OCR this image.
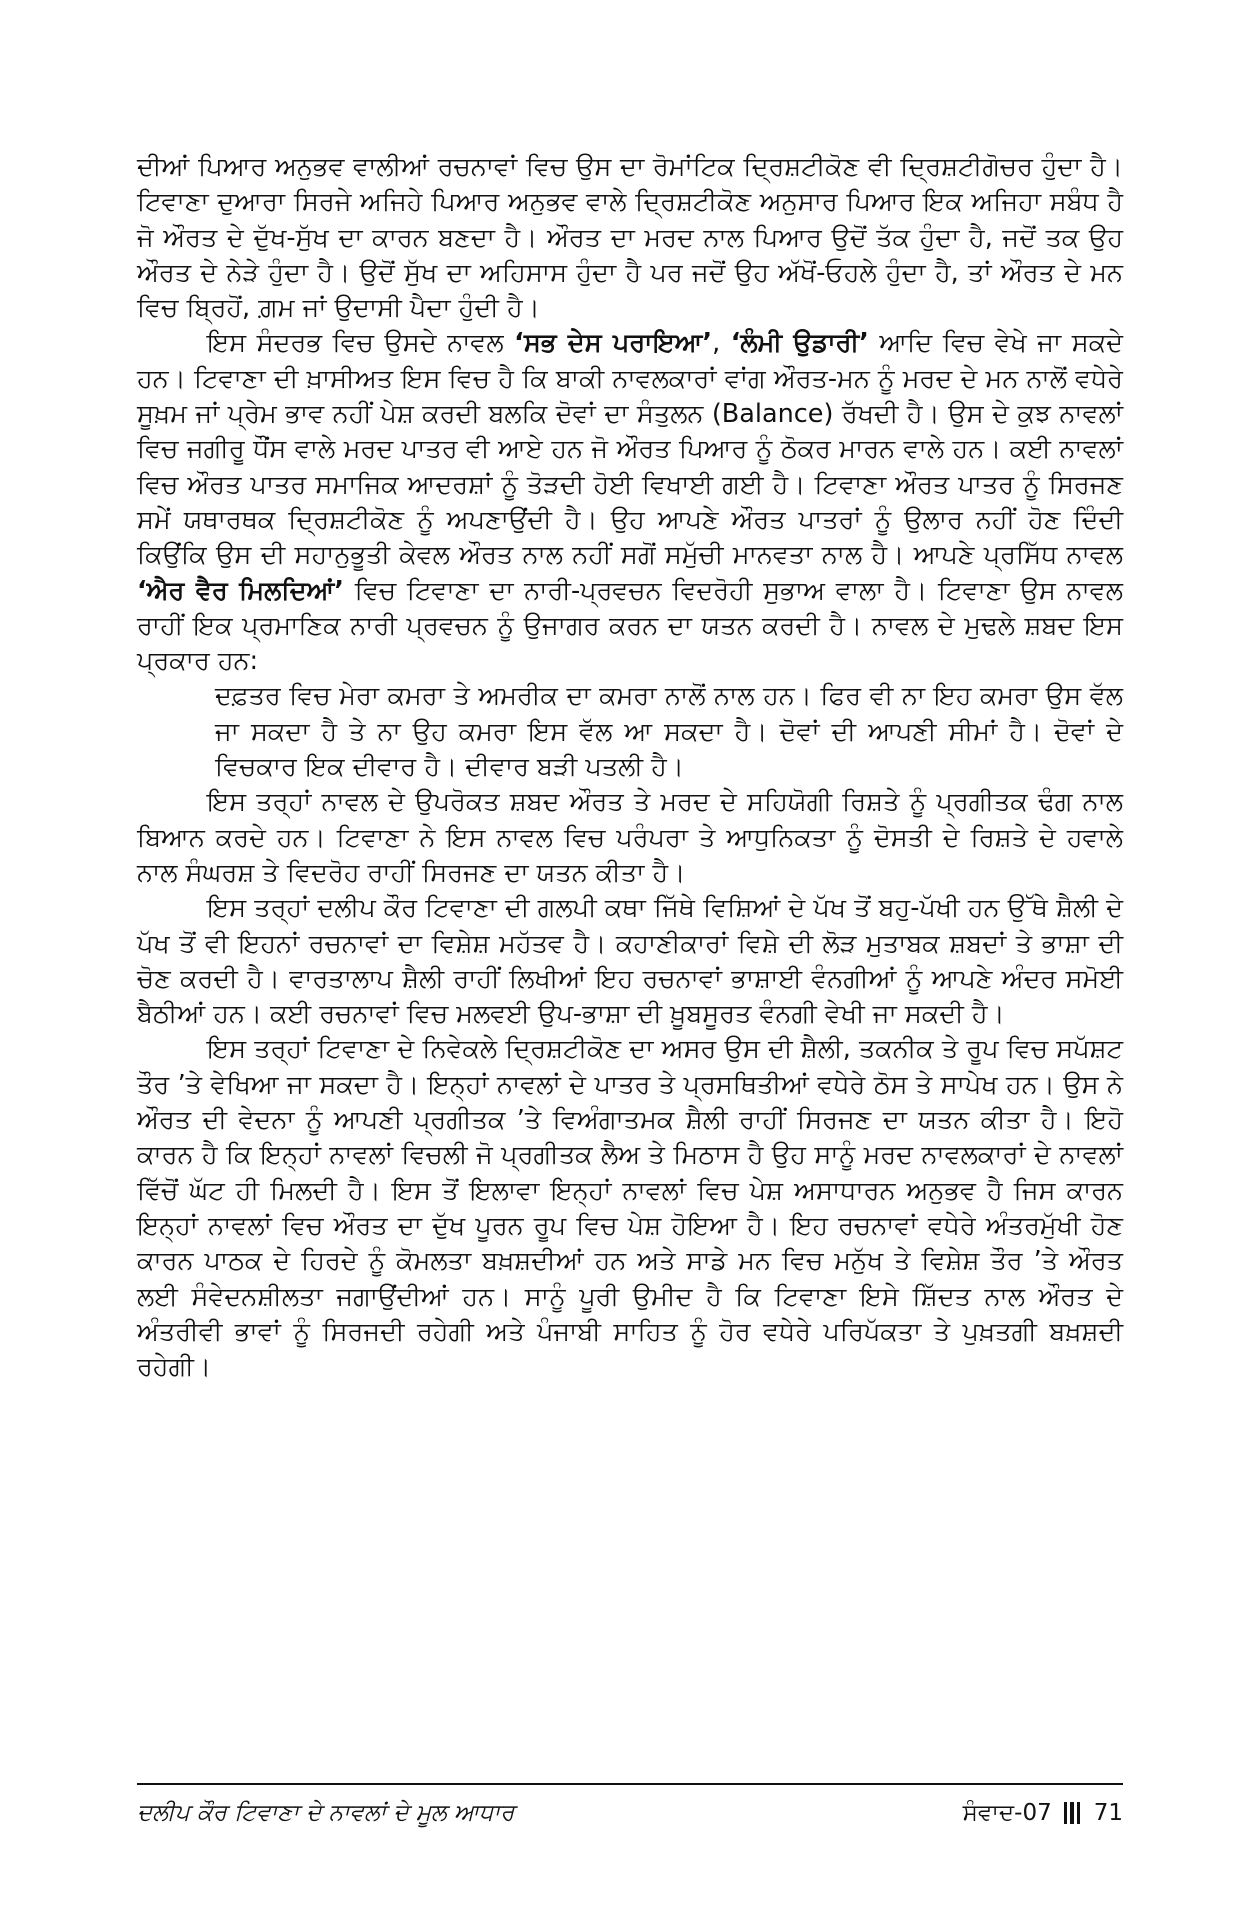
ਦੀਆਂ ਪਿਆਰ ਅਨੁਭਵ ਵਾਲੀਆਂ ਰਚਨਾਵਾਂ ਵਿਚ ਉਸ ਦਾ ਰੋਮਾਂਟਿਕ ਦ੍ਰਿਸ਼ਟੀਕੋਣ ਵੀ ਦ੍ਰਿਸ਼ਟੀਗੋਚਰ ਹੁੰਦਾ ਹੈ। ਟਿਵਾਣਾ ਦੁਆਰਾ ਸਿਰਜੇ ਅਜਿਹੇ ਪਿਆਰ ਅਨੁਭਵ ਵਾਲੇ ਦ੍ਰਿਸ਼ਟੀਕੋਣ ਅਨੁਸਾਰ ਪਿਆਰ ਇਕ ਅਜਿਹਾ ਸਬੰਧ ਹੈ ਜੋ ਔਰਤ ਦੇ ਦੁੱਖ-ਸੁੱਖ ਦਾ ਕਾਰਨ ਬਣਦਾ ਹੈ। ਔਰਤ ਦਾ ਮਰਦ ਨਾਲ ਪਿਆਰ ਉਦੋਂ ਤੱਕ ਹੁੰਦਾ ਹੈ, ਜਦੋਂ ਤਕ ਉਹ ਔਰਤ ਦੇ ਨੇੜੇ ਹੁੰਦਾ ਹੈ। ਉਦੋਂ ਸੁੱਖ ਦਾ ਅਹਿਸਾਸ ਹੁੰਦਾ ਹੈ ਪਰ ਜਦੋਂ ਉਹ ਅੱਖੋਂ-ਓਹਲੇ ਹੁੰਦਾ ਹੈ, ਤਾਂ ਔਰਤ ਦੇ ਮਨ ਵਿਚ ਬ੍ਰਿਹੋਂ, ਗ਼ਮ ਜਾਂ ਉਦਾਸੀ ਪੈਦਾ ਹੁੰਦੀ ਹੈ।

ਇਸ ਸੰਦਰਭ ਵਿਚ ਉਸਦੇ ਨਾਵਲ ‘ਸਭ ਦੇਸ ਪਰਾਇਆ’, ‘ਲੰਮੀ ਉਡਾਰੀ’ ਆਦਿ ਵਿਚ ਵੇਖੇ ਜਾ ਸਕਦੇ ਹਨ। ਟਿਵਾਣਾ ਦੀ ਖ਼ਾਸੀਅਤ ਇਸ ਵਿਚ ਹੈ ਕਿ ਬਾਕੀ ਨਾਵਲਕਾਰਾਂ ਵਾਂਗ ਔਰਤ-ਮਨ ਨੂੰ ਮਰਦ ਦੇ ਮਨ ਨਾਲੋਂ ਵਧੇਰੇ ਸੂਖ਼ਮ ਜਾਂ ਪ੍ਰੇਮ ਭਾਵ ਨਹੀਂ ਪੇਸ਼ ਕਰਦੀ ਬਲਕਿ ਦੋਵਾਂ ਦਾ ਸੰਤੁਲਨ (Balance) ਰੱਖਦੀ ਹੈ। ਉਸ ਦੇ ਕੁਝ ਨਾਵਲਾਂ ਵਿਚ ਜਗੀਰੂ ਧੌਂਸ ਵਾਲੇ ਮਰਦ ਪਾਤਰ ਵੀ ਆਏ ਹਨ ਜੋ ਔਰਤ ਪਿਆਰ ਨੂੰ ਠੋਕਰ ਮਾਰਨ ਵਾਲੇ ਹਨ। ਕਈ ਨਾਵਲਾਂ ਵਿਚ ਔਰਤ ਪਾਤਰ ਸਮਾਜਿਕ ਆਦਰਸ਼ਾਂ ਨੂੰ ਤੋੜਦੀ ਹੋਈ ਵਿਖਾਈ ਗਈ ਹੈ। ਟਿਵਾਣਾ ਔਰਤ ਪਾਤਰ ਨੂੰ ਸਿਰਜਣ ਸਮੇਂ ਯਥਾਰਥਕ ਦ੍ਰਿਸ਼ਟੀਕੋਣ ਨੂੰ ਅਪਣਾਉਂਦੀ ਹੈ। ਉਹ ਆਪਣੇ ਔਰਤ ਪਾਤਰਾਂ ਨੂੰ ਉਲਾਰ ਨਹੀਂ ਹੋਣ ਦਿੰਦੀ ਕਿਉਂਕਿ ਉਸ ਦੀ ਸਹਾਨੁਭੂਤੀ ਕੇਵਲ ਔਰਤ ਨਾਲ ਨਹੀਂ ਸਗੋਂ ਸਮੁੱਚੀ ਮਾਨਵਤਾ ਨਾਲ ਹੈ। ਆਪਣੇ ਪ੍ਰਸਿੱਧ ਨਾਵਲ ‘ਐਰ ਵੈਰ ਮਿਲਦਿਆਂ’ ਵਿਚ ਟਿਵਾਣਾ ਦਾ ਨਾਰੀ-ਪ੍ਰਵਚਨ ਵਿਦਰੋਹੀ ਸੁਭਾਅ ਵਾਲਾ ਹੈ। ਟਿਵਾਣਾ ਉਸ ਨਾਵਲ ਰਾਹੀਂ ਇਕ ਪ੍ਰਮਾਣਿਕ ਨਾਰੀ ਪ੍ਰਵਚਨ ਨੂੰ ਉਜਾਗਰ ਕਰਨ ਦਾ ਯਤਨ ਕਰਦੀ ਹੈ। ਨਾਵਲ ਦੇ ਮੁਢਲੇ ਸ਼ਬਦ ਇਸ ਪ੍ਰਕਾਰ ਹਨ:

ਦਫ਼ਤਰ ਵਿਚ ਮੇਰਾ ਕਮਰਾ ਤੇ ਅਮਰੀਕ ਦਾ ਕਮਰਾ ਨਾਲੋਂ ਨਾਲ ਹਨ। ਫਿਰ ਵੀ ਨਾ ਇਹ ਕਮਰਾ ਉਸ ਵੱਲ ਜਾ ਸਕਦਾ ਹੈ ਤੇ ਨਾ ਉਹ ਕਮਰਾ ਇਸ ਵੱਲ ਆ ਸਕਦਾ ਹੈ। ਦੋਵਾਂ ਦੀ ਆਪਣੀ ਸੀਮਾਂ ਹੈ। ਦੋਵਾਂ ਦੇ ਵਿਚਕਾਰ ਇਕ ਦੀਵਾਰ ਹੈ। ਦੀਵਾਰ ਬੜੀ ਪਤਲੀ ਹੈ।

ਇਸ ਤਰ੍ਹਾਂ ਨਾਵਲ ਦੇ ਉਪਰੋਕਤ ਸ਼ਬਦ ਔਰਤ ਤੇ ਮਰਦ ਦੇ ਸਹਿਯੋਗੀ ਰਿਸ਼ਤੇ ਨੂੰ ਪ੍ਰਗੀਤਕ ਢੰਗ ਨਾਲ ਬਿਆਨ ਕਰਦੇ ਹਨ। ਟਿਵਾਣਾ ਨੇ ਇਸ ਨਾਵਲ ਵਿਚ ਪਰੰਪਰਾ ਤੇ ਆਧੁਨਿਕਤਾ ਨੂੰ ਦੋਸਤੀ ਦੇ ਰਿਸ਼ਤੇ ਦੇ ਹਵਾਲੇ ਨਾਲ ਸੰਘਰਸ਼ ਤੇ ਵਿਦਰੋਹ ਰਾਹੀਂ ਸਿਰਜਣ ਦਾ ਯਤਨ ਕੀਤਾ ਹੈ।

ਇਸ ਤਰ੍ਹਾਂ ਦਲੀਪ ਕੌਰ ਟਿਵਾਣਾ ਦੀ ਗਲਪੀ ਕਥਾ ਜਿੱਥੇ ਵਿਸ਼ਿਆਂ ਦੇ ਪੱਖ ਤੋਂ ਬਹੁ-ਪੱਖੀ ਹਨ ਉੱਥੇ ਸ਼ੈਲੀ ਦੇ ਪੱਖ ਤੋਂ ਵੀ ਇਹਨਾਂ ਰਚਨਾਵਾਂ ਦਾ ਵਿਸ਼ੇਸ਼ ਮਹੱਤਵ ਹੈ। ਕਹਾਣੀਕਾਰਾਂ ਵਿਸ਼ੇ ਦੀ ਲੋੜ ਮੁਤਾਬਕ ਸ਼ਬਦਾਂ ਤੇ ਭਾਸ਼ਾ ਦੀ ਚੋਣ ਕਰਦੀ ਹੈ। ਵਾਰਤਾਲਾਪ ਸ਼ੈਲੀ ਰਾਹੀਂ ਲਿਖੀਆਂ ਇਹ ਰਚਨਾਵਾਂ ਭਾਸ਼ਾਈ ਵੰਨਗੀਆਂ ਨੂੰ ਆਪਣੇ ਅੰਦਰ ਸਮੋਈ ਬੈਠੀਆਂ ਹਨ। ਕਈ ਰਚਨਾਵਾਂ ਵਿਚ ਮਲਵਈ ਉਪ-ਭਾਸ਼ਾ ਦੀ ਖ਼ੂਬਸੂਰਤ ਵੰਨਗੀ ਵੇਖੀ ਜਾ ਸਕਦੀ ਹੈ।

ਇਸ ਤਰ੍ਹਾਂ ਟਿਵਾਣਾ ਦੇ ਨਿਵੇਕਲੇ ਦ੍ਰਿਸ਼ਟੀਕੋਣ ਦਾ ਅਸਰ ਉਸ ਦੀ ਸ਼ੈਲੀ, ਤਕਨੀਕ ਤੇ ਰੂਪ ਵਿਚ ਸਪੱਸ਼ਟ ਤੌਰ ’ਤੇ ਵੇਖਿਆ ਜਾ ਸਕਦਾ ਹੈ। ਇਨ੍ਹਾਂ ਨਾਵਲਾਂ ਦੇ ਪਾਤਰ ਤੇ ਪ੍ਰਸਥਿਤੀਆਂ ਵਧੇਰੇ ਠੋਸ ਤੇ ਸਾਪੇਖ ਹਨ। ਉਸ ਨੇ ਔਰਤ ਦੀ ਵੇਦਨਾ ਨੂੰ ਆਪਣੀ ਪ੍ਰਗੀਤਕ ’ਤੇ ਵਿਅੰਗਾਤਮਕ ਸ਼ੈਲੀ ਰਾਹੀਂ ਸਿਰਜਣ ਦਾ ਯਤਨ ਕੀਤਾ ਹੈ। ਇਹੋ ਕਾਰਨ ਹੈ ਕਿ ਇਨ੍ਹਾਂ ਨਾਵਲਾਂ ਵਿਚਲੀ ਜੋ ਪ੍ਰਗੀਤਕ ਲੈਅ ਤੇ ਮਿਠਾਸ ਹੈ ਉਹ ਸਾਨੂੰ ਮਰਦ ਨਾਵਲਕਾਰਾਂ ਦੇ ਨਾਵਲਾਂ ਵਿੱਚੋਂ ਘੱਟ ਹੀ ਮਿਲਦੀ ਹੈ। ਇਸ ਤੋਂ ਇਲਾਵਾ ਇਨ੍ਹਾਂ ਨਾਵਲਾਂ ਵਿਚ ਪੇਸ਼ ਅਸਾਧਾਰਨ ਅਨੁਭਵ ਹੈ ਜਿਸ ਕਾਰਨ ਇਨ੍ਹਾਂ ਨਾਵਲਾਂ ਵਿਚ ਔਰਤ ਦਾ ਦੁੱਖ ਪੂਰਨ ਰੂਪ ਵਿਚ ਪੇਸ਼ ਹੋਇਆ ਹੈ। ਇਹ ਰਚਨਾਵਾਂ ਵਧੇਰੇ ਅੰਤਰਮੁੱਖੀ ਹੋਣ ਕਾਰਨ ਪਾਠਕ ਦੇ ਹਿਰਦੇ ਨੂੰ ਕੋਮਲਤਾ ਬਖ਼ਸ਼ਦੀਆਂ ਹਨ ਅਤੇ ਸਾਡੇ ਮਨ ਵਿਚ ਮਨੁੱਖ ਤੇ ਵਿਸ਼ੇਸ਼ ਤੌਰ ’ਤੇ ਔਰਤ ਲਈ ਸੰਵੇਦਨਸ਼ੀਲਤਾ ਜਗਾਉਂਦੀਆਂ ਹਨ। ਸਾਨੂੰ ਪੂਰੀ ਉਮੀਦ ਹੈ ਕਿ ਟਿਵਾਣਾ ਇਸੇ ਸ਼ਿੱਦਤ ਨਾਲ ਔਰਤ ਦੇ ਅੰਤਰੀਵੀ ਭਾਵਾਂ ਨੂੰ ਸਿਰਜਦੀ ਰਹੇਗੀ ਅਤੇ ਪੰਜਾਬੀ ਸਾਹਿਤ ਨੂੰ ਹੋਰ ਵਧੇਰੇ ਪਰਿਪੱਕਤਾ ਤੇ ਪੁਖ਼ਤਗੀ ਬਖ਼ਸ਼ਦੀ ਰਹੇਗੀ।

ਦਲੀਪ ਕੌਰ ਟਿਵਾਣਾ ਦੇ ਨਾਵਲਾਂ ਦੇ ਮੂਲ ਆਧਾਰ	ਸੰਵਾਦ-07 71
